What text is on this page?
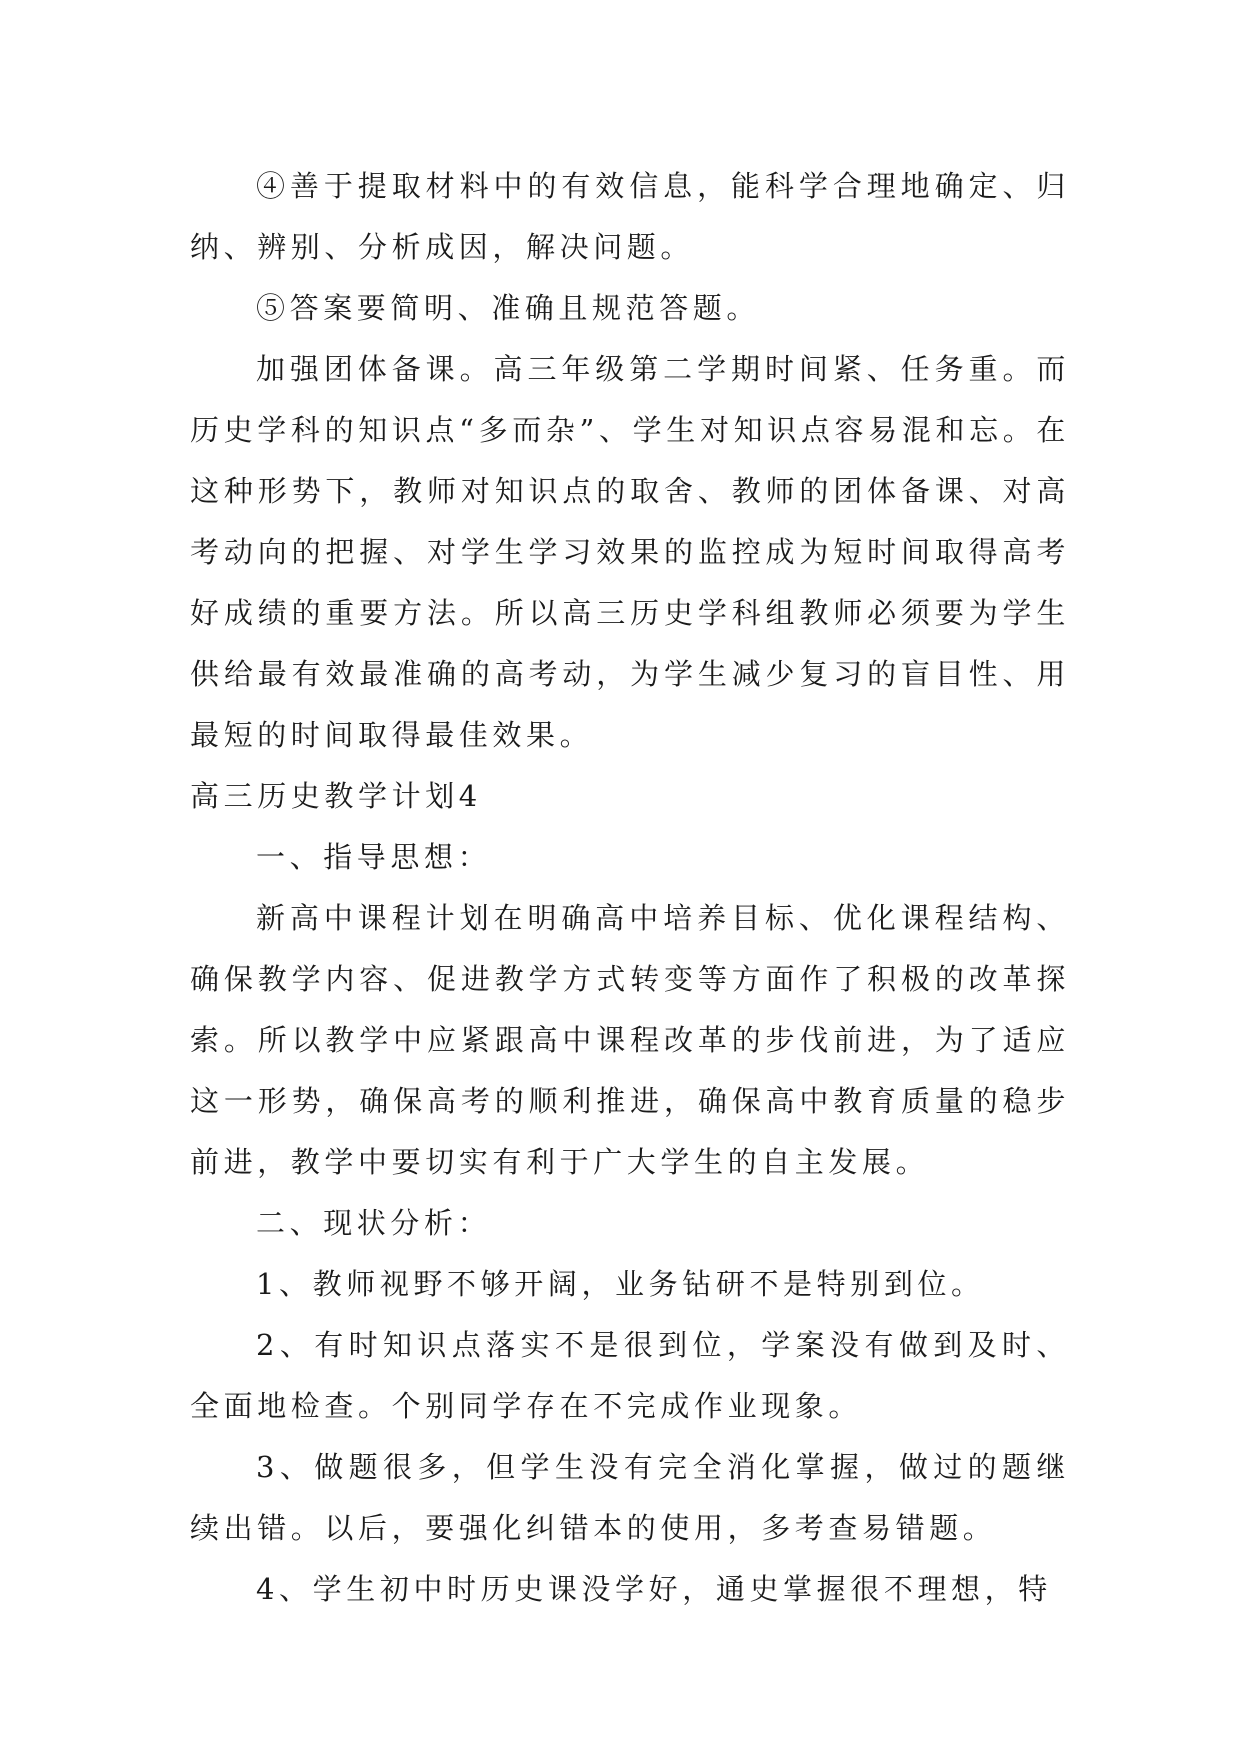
④善于提取材料中的有效信息，能科学合理地确定、归纳、辨别、分析成因，解决问题。

⑤答案要简明、准确且规范答题。

加强团体备课。高三年级第二学期时间紧、任务重。而历史学科的知识点“多而杂”、学生对知识点容易混和忘。在这种形势下，教师对知识点的取舍、教师的团体备课、对高考动向的把握、对学生学习效果的监控成为短时间取得高考好成绩的重要方法。所以高三历史学科组教师必须要为学生供给最有效最准确的高考动，为学生减少复习的盲目性、用最短的时间取得最佳效果。

高三历史教学计划4

一、指导思想：

新高中课程计划在明确高中培养目标、优化课程结构、确保教学内容、促进教学方式转变等方面作了积极的改革探索。所以教学中应紧跟高中课程改革的步伐前进，为了适应这一形势，确保高考的顺利推进，确保高中教育质量的稳步前进，教学中要切实有利于广大学生的自主发展。

二、现状分析：

1、教师视野不够开阔，业务钻研不是特别到位。

2、有时知识点落实不是很到位，学案没有做到及时、全面地检查。个别同学存在不完成作业现象。

3、做题很多，但学生没有完全消化掌握，做过的题继续出错。以后，要强化纠错本的使用，多考查易错题。

4、学生初中时历史课没学好，通史掌握很不理想，特
